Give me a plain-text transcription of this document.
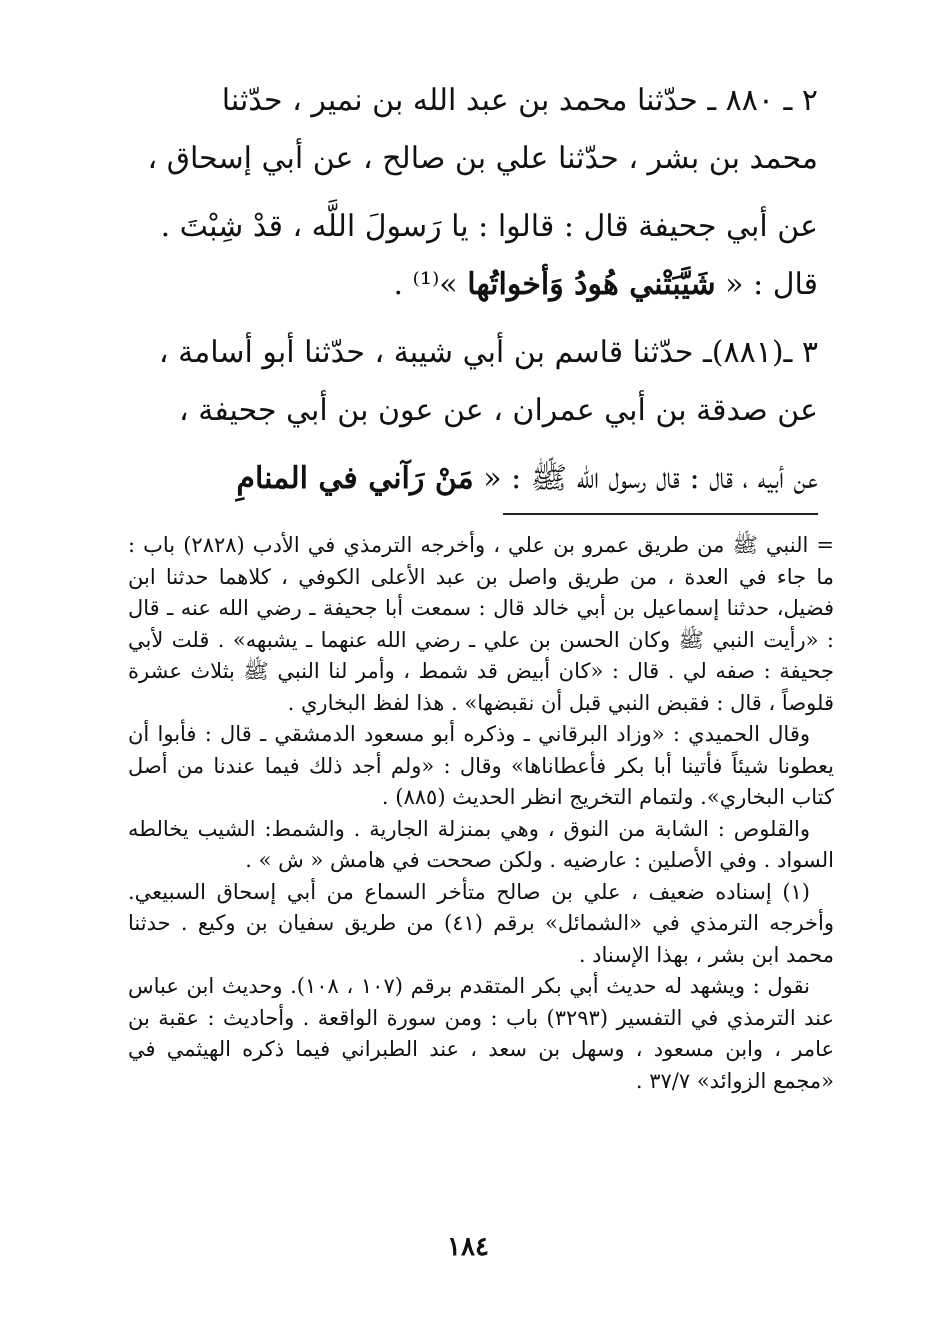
٢ ـ ٨٨٠ ـ حدّثنا محمد بن عبد الله بن نمير ، حدّثنا

محمد بن بشر ، حدّثنا علي بن صالح ، عن أبي إسحاق ،

عن أبي جحيفة قال : قالوا : يا رَسولَ اللَّه ، قدْ شِبْتَ .

قال : « شَيَّبَتْني هُودُ وَأخواتُها »⁽¹⁾ .

٣ ـ(٨٨١)ـ حدّثنا قاسم بن أبي شيبة ، حدّثنا أبو أسامة ،

عن صدقة بن أبي عمران ، عن عون بن أبي جحيفة ،

عن أبيه ، قال : قال رسول الله ﷺ : « مَنْ رَآني في المنامِ

= النبي ﷺ من طريق عمرو بن علي ، وأخرجه الترمذي في الأدب (٢٨٢٨) باب : ما جاء في العدة ، من طريق واصل بن عبد الأعلى الكوفي ، كلاهما حدثنا ابن فضيل، حدثنا إسماعيل بن أبي خالد قال : سمعت أبا جحيفة ـ رضي الله عنه ـ قال : «رأيت النبي ﷺ وكان الحسن بن علي ـ رضي الله عنهما ـ يشبهه» . قلت لأبي جحيفة : صفه لي . قال : «كان أبيض قد شمط ، وأمر لنا النبي ﷺ بثلاث عشرة قلوصاً ، قال : فقبض النبي قبل أن نقبضها» . هذا لفظ البخاري .

وقال الحميدي : «وزاد البرقاني ـ وذكره أبو مسعود الدمشقي ـ قال : فأبوا أن يعطونا شيئاً فأتينا أبا بكر فأعطاناها» وقال : «ولم أجد ذلك فيما عندنا من أصل كتاب البخاري». ولتمام التخريج انظر الحديث (٨٨٥) .

والقلوص : الشابة من النوق ، وهي بمنزلة الجارية . والشمط: الشيب يخالطه السواد . وفي الأصلين : عارضيه . ولكن صححت في هامش « ش » .

(١) إسناده ضعيف ، علي بن صالح متأخر السماع من أبي إسحاق السبيعي. وأخرجه الترمذي في «الشمائل» برقم (٤١) من طريق سفيان بن وكيع . حدثنا محمد ابن بشر ، بهذا الإسناد .

نقول : ويشهد له حديث أبي بكر المتقدم برقم (١٠٧ ، ١٠٨). وحديث ابن عباس عند الترمذي في التفسير (٣٢٩٣) باب : ومن سورة الواقعة . وأحاديث : عقبة بن عامر ، وابن مسعود ، وسهل بن سعد ، عند الطبراني فيما ذكره الهيثمي في «مجمع الزوائد» ٣٧/٧ .

١٨٤
